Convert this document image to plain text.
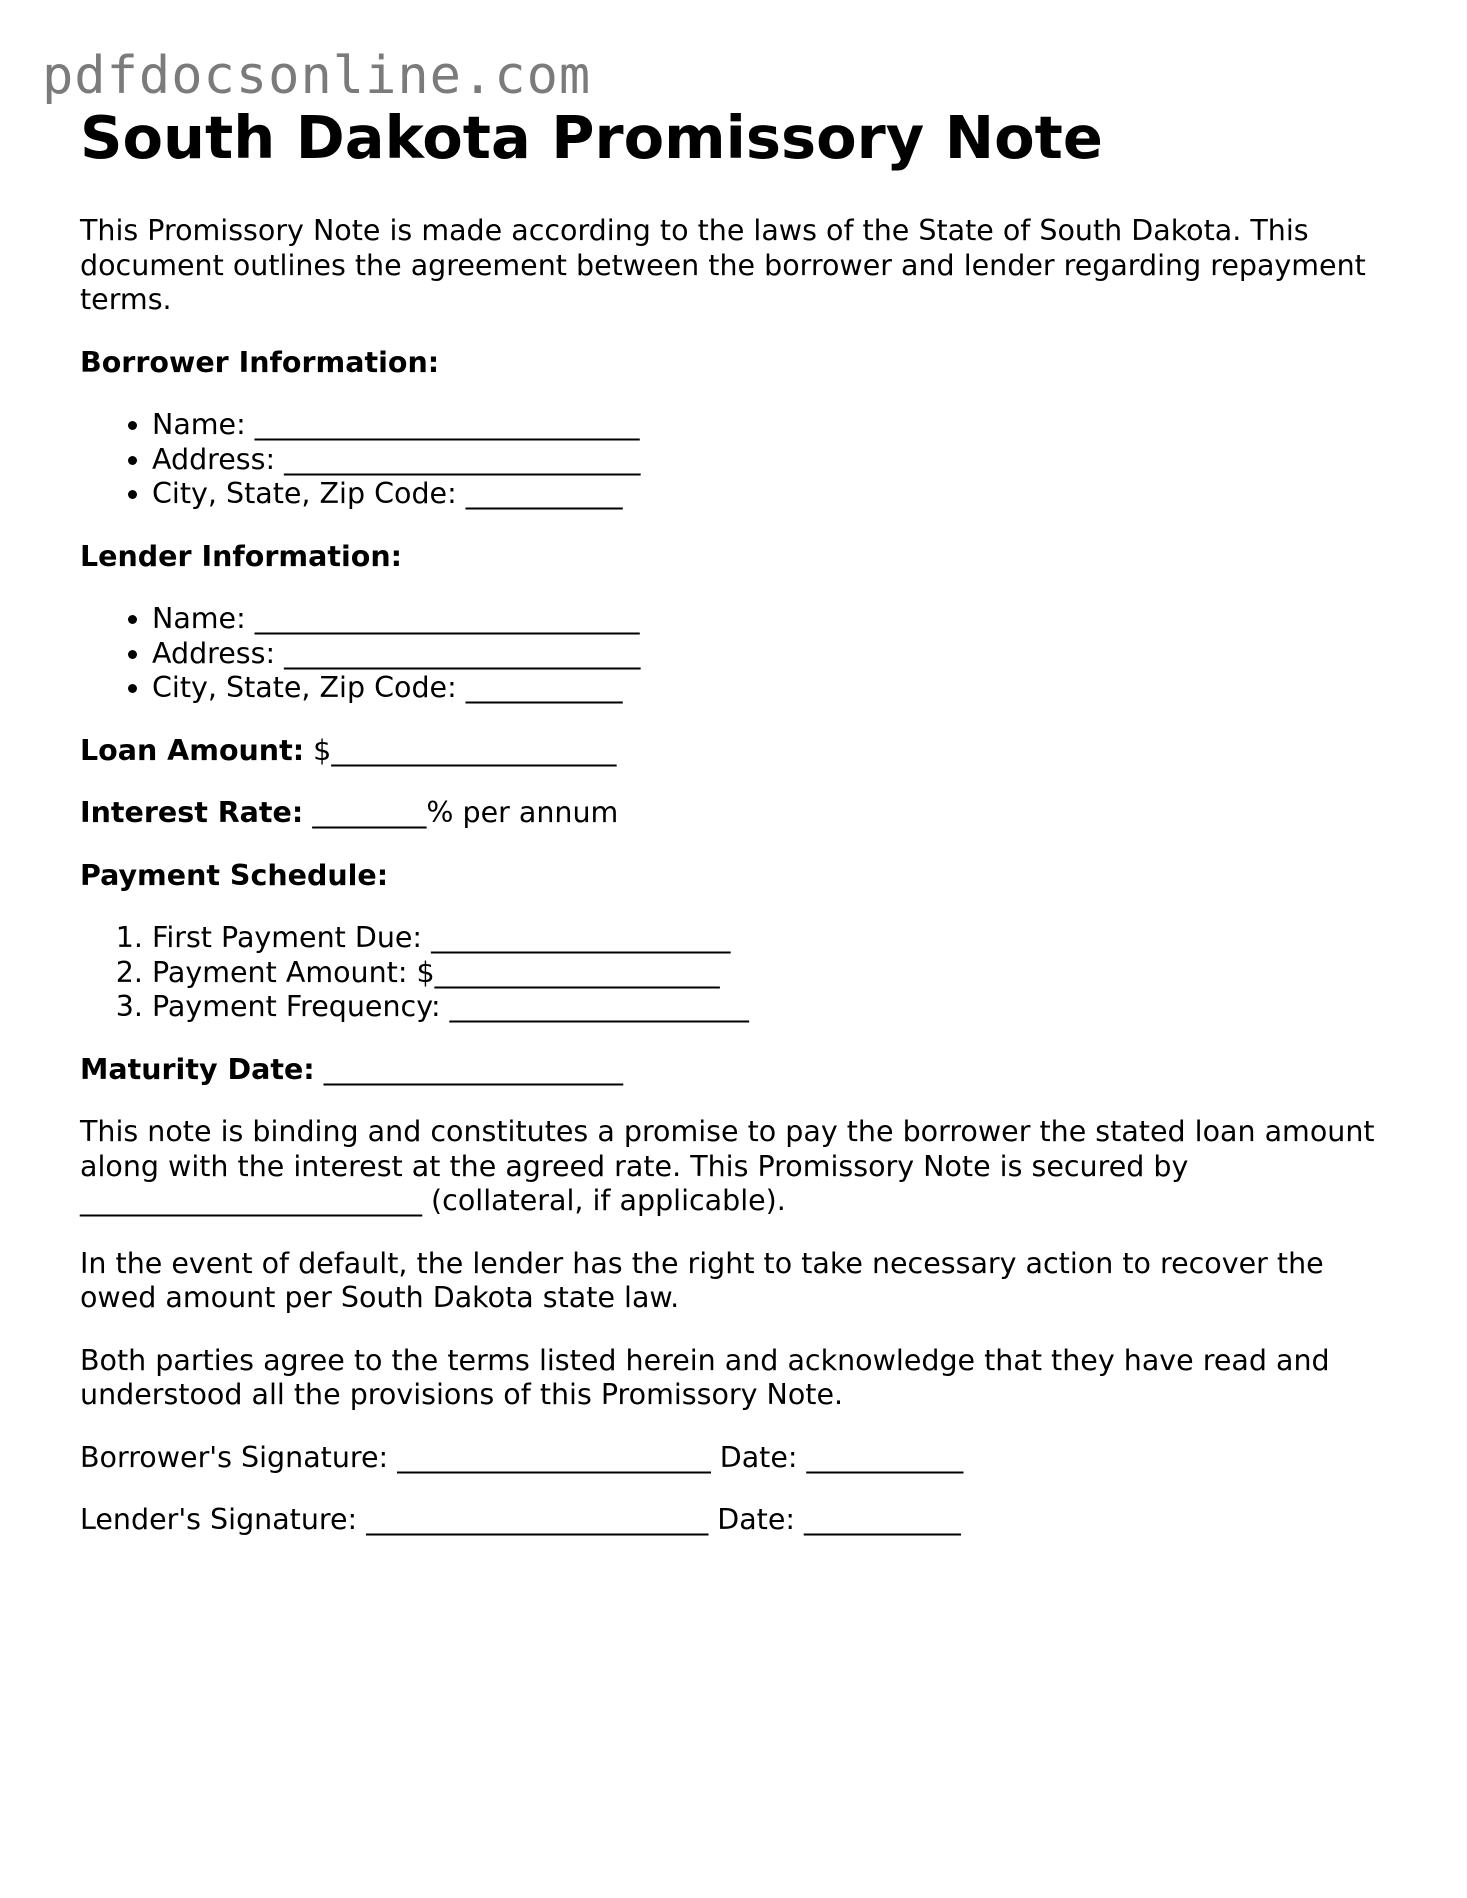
pdfdocsonline.com
South Dakota Promissory Note

This Promissory Note is made according to the laws of the State of South Dakota. This document outlines the agreement between the borrower and lender regarding repayment terms.

Borrower Information:

• Name: ___________________________
• Address: _________________________
• City, State, Zip Code: ___________

Lender Information:

• Name: ___________________________
• Address: _________________________
• City, State, Zip Code: ___________

Loan Amount: $____________________

Interest Rate: ________% per annum

Payment Schedule:

1. First Payment Due: _____________________
2. Payment Amount: $____________________
3. Payment Frequency: _____________________

Maturity Date: _____________________

This note is binding and constitutes a promise to pay the borrower the stated loan amount along with the interest at the agreed rate. This Promissory Note is secured by ________________________ (collateral, if applicable).

In the event of default, the lender has the right to take necessary action to recover the owed amount per South Dakota state law.

Both parties agree to the terms listed herein and acknowledge that they have read and understood all the provisions of this Promissory Note.

Borrower's Signature: ______________________ Date: ___________

Lender's Signature: ________________________ Date: ___________
